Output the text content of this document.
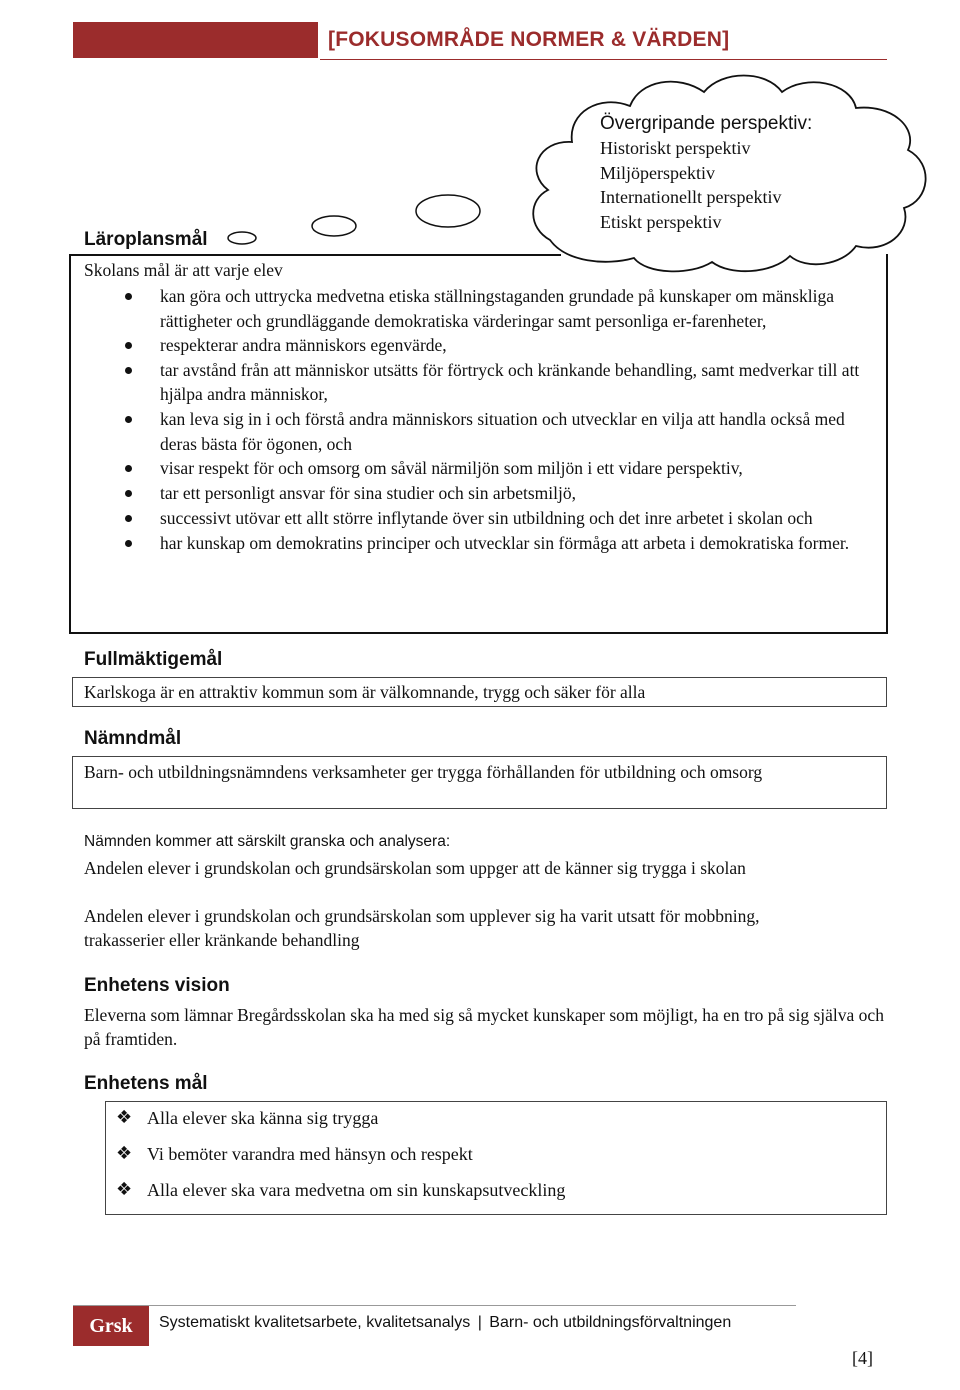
[FOKUSOMRÅDE NORMER & VÄRDEN]
Övergripande perspektiv:
Historiskt perspektiv
Miljöperspektiv
Internationellt perspektiv
Etiskt perspektiv
Läroplansmål
Skolans mål är att varje elev
kan göra och uttrycka medvetna etiska ställningstaganden grundade på kunskaper om mänskliga rättigheter och grundläggande demokratiska värderingar samt personliga er-farenheter,
respekterar andra människors egenvärde,
tar avstånd från att människor utsätts för förtryck och kränkande behandling, samt medverkar till att hjälpa andra människor,
kan leva sig in i och förstå andra människors situation och utvecklar en vilja att handla också med deras bästa för ögonen, och
visar respekt för och omsorg om såväl närmiljön som miljön i ett vidare perspektiv,
tar ett personligt ansvar för sina studier och sin arbetsmiljö,
successivt utövar ett allt större inflytande över sin utbildning och det inre arbetet i skolan och
har kunskap om demokratins principer och utvecklar sin förmåga att arbeta i demokratiska former.
Fullmäktigemål
Karlskoga är en attraktiv kommun som är välkomnande, trygg och säker för alla
Nämndmål
Barn- och utbildningsnämndens verksamheter ger trygga förhållanden för utbildning och omsorg
Nämnden kommer att särskilt granska och analysera:
Andelen elever i grundskolan och grundsärskolan som uppger att de känner sig trygga i skolan
Andelen elever i grundskolan och grundsärskolan som upplever sig ha varit utsatt för mobbning, trakasserier eller kränkande behandling
Enhetens vision
Eleverna som lämnar Bregårdsskolan ska ha med sig så mycket kunskaper som möjligt, ha en tro på sig själva och på framtiden.
Enhetens mål
❖ Alla elever ska känna sig trygga
❖ Vi bemöter varandra med hänsyn och respekt
❖ Alla elever ska vara medvetna om sin kunskapsutveckling
Grsk	Systematiskt kvalitetsarbete, kvalitetsanalys | Barn- och utbildningsförvaltningen
[4]
